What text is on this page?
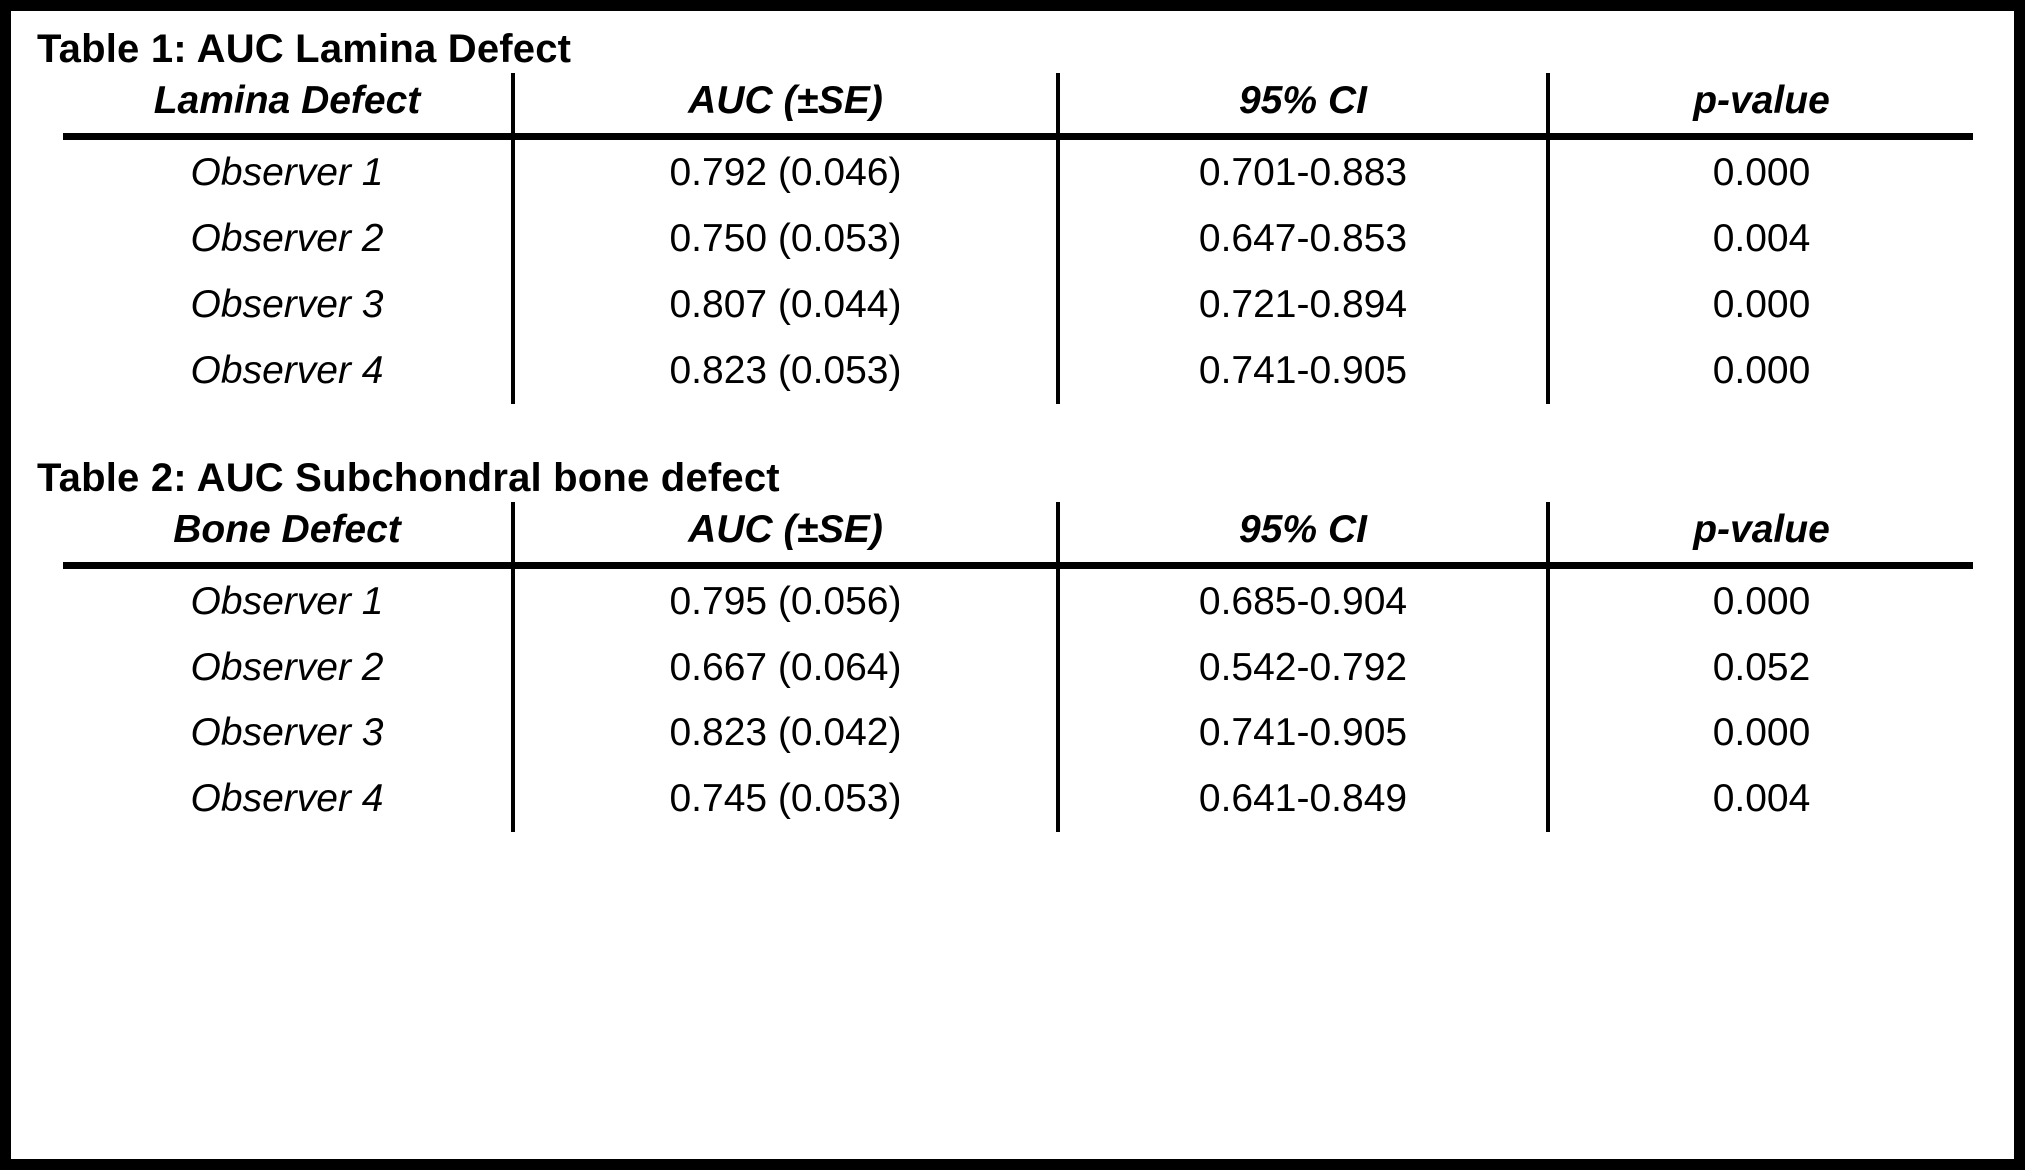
Table 1: AUC Lamina Defect
Lamina Defect	AUC (±SE)	95% CI	p-value
Observer 1	0.792 (0.046)	0.701-0.883	0.000
Observer 2	0.750 (0.053)	0.647-0.853	0.004
Observer 3	0.807 (0.044)	0.721-0.894	0.000
Observer 4	0.823 (0.053)	0.741-0.905	0.000
Table 2: AUC Subchondral bone defect
Bone Defect	AUC (±SE)	95% CI	p-value
Observer 1	0.795 (0.056)	0.685-0.904	0.000
Observer 2	0.667 (0.064)	0.542-0.792	0.052
Observer 3	0.823 (0.042)	0.741-0.905	0.000
Observer 4	0.745 (0.053)	0.641-0.849	0.004
